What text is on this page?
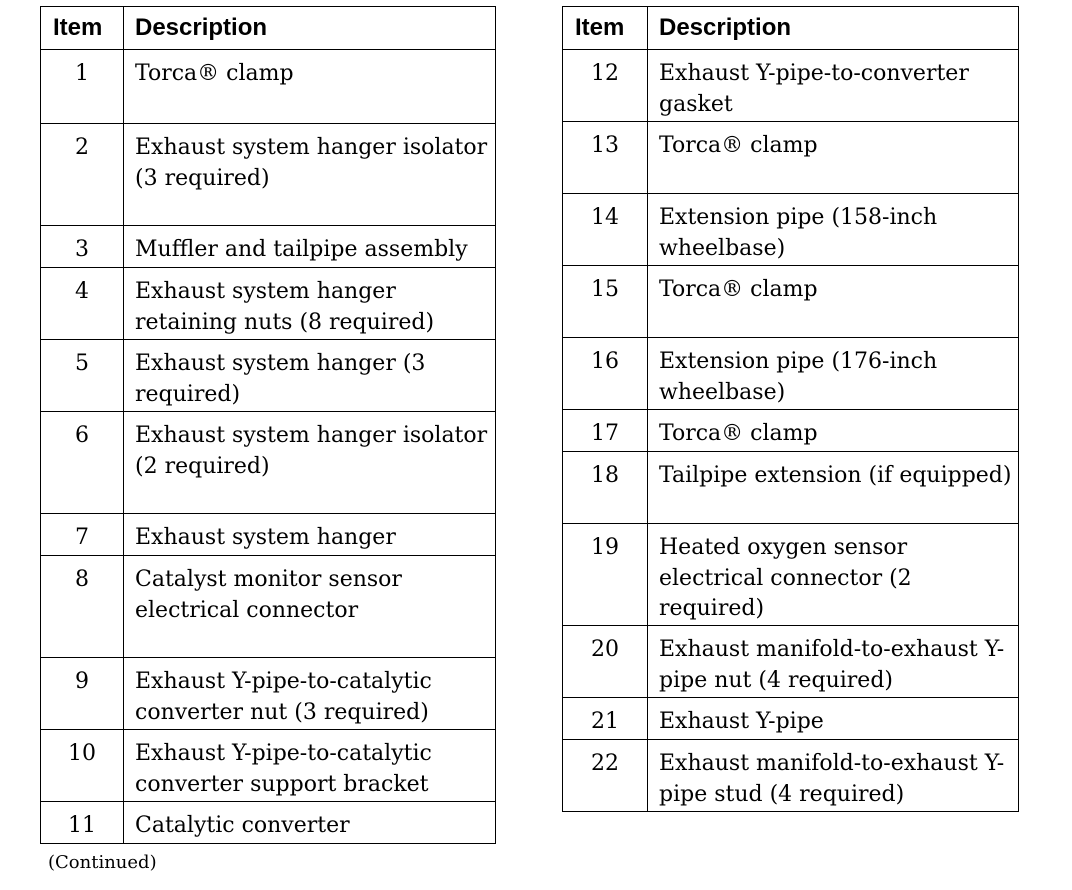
Item	Description
1	Torca® clamp
2	Exhaust system hanger isolator (3 required)
3	Muffler and tailpipe assembly
4	Exhaust system hanger retaining nuts (8 required)
5	Exhaust system hanger (3 required)
6	Exhaust system hanger isolator (2 required)
7	Exhaust system hanger
8	Catalyst monitor sensor electrical connector
9	Exhaust Y-pipe-to-catalytic converter nut (3 required)
10	Exhaust Y-pipe-to-catalytic converter support bracket
11	Catalytic converter
Item	Description
12	Exhaust Y-pipe-to-converter gasket
13	Torca® clamp
14	Extension pipe (158-inch wheelbase)
15	Torca® clamp
16	Extension pipe (176-inch wheelbase)
17	Torca® clamp
18	Tailpipe extension (if equipped)
19	Heated oxygen sensor electrical connector (2 required)
20	Exhaust manifold-to-exhaust Y-pipe nut (4 required)
21	Exhaust Y-pipe
22	Exhaust manifold-to-exhaust Y-pipe stud (4 required)
(Continued)
